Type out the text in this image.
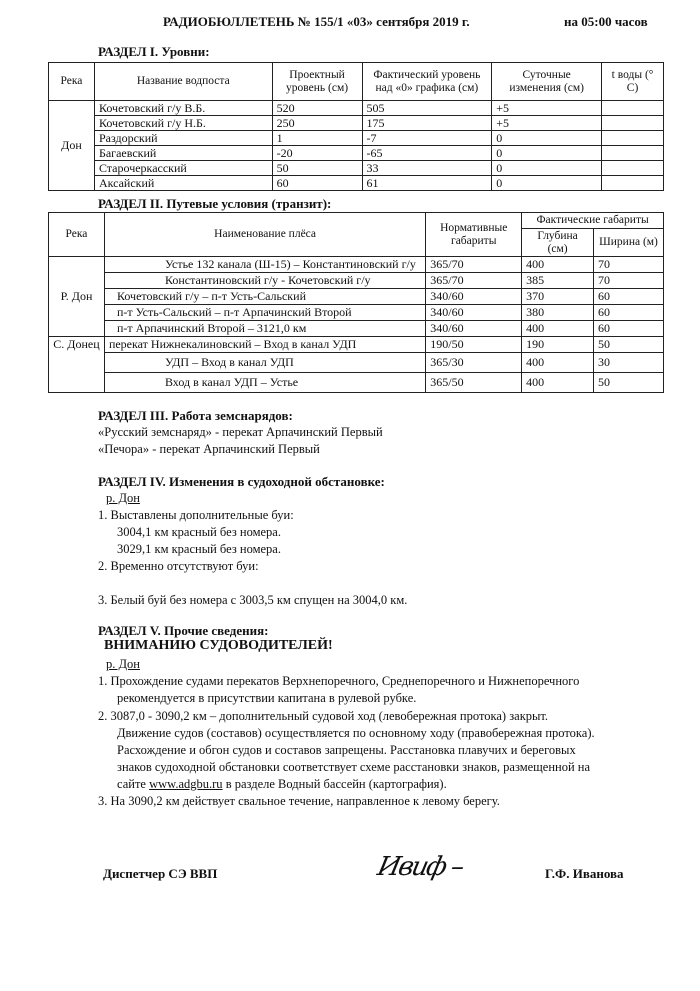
РАДИОБЮЛЛЕТЕНЬ № 155/1 «03» сентября 2019 г.	на 05:00 часов
РАЗДЕЛ I. Уровни:
Река	Название водпоста	Проектный уровень (см)	Фактический уровень над «0» графика (см)	Суточные изменения (см)	t воды (° С)
Дон	Кочетовский г/у В.Б.	520	505	+5	
	Кочетовский г/у Н.Б.	250	175	+5	
	Раздорский	1	-7	0	
	Багаевский	-20	-65	0	
	Старочеркасский	50	33	0	
	Аксайский	60	61	0	
РАЗДЕЛ II. Путевые условия (транзит):
Река	Наименование плёса	Нормативные габариты	Фактические габариты	
			Глубина (см)	Ширина (м)
Р. Дон	Устье 132 канала (Ш-15) – Константиновский г/у	365/70	400	70
	Константиновский г/у - Кочетовский г/у	365/70	385	70
	Кочетовский г/у – п-т Усть-Сальский	340/60	370	60
	п-т Усть-Сальский – п-т Арпачинский Второй	340/60	380	60
	п-т Арпачинский Второй – 3121,0 км	340/60	400	60
С. Донец	перекат Нижнекалиновский – Вход в канал УДП	190/50	190	50
	УДП – Вход в канал УДП	365/30	400	30
	Вход в канал УДП – Устье	365/50	400	50
РАЗДЕЛ III. Работа земснарядов:
«Русский земснаряд» - перекат Арпачинский Первый
«Печора» - перекат Арпачинский Первый
РАЗДЕЛ IV. Изменения в судоходной обстановке:
р. Дон
1. Выставлены дополнительные буи:
3004,1 км красный без номера.
3029,1 км красный без номера.
2. Временно отсутствуют буи:
3. Белый буй без номера с 3003,5 км спущен на 3004,0 км.
РАЗДЕЛ V. Прочие сведения:
ВНИМАНИЮ СУДОВОДИТЕЛЕЙ!
р. Дон
1. Прохождение судами перекатов Верхнепоречного, Среднепоречного и Нижнепоречного
рекомендуется в присутствии капитана в рулевой рубке.
2. 3087,0 - 3090,2 км – дополнительный судовой ход (левобережная протока) закрыт.
Движение судов (составов) осуществляется по основному ходу (правобережная протока).
Расхождение и обгон судов и составов запрещены. Расстановка плавучих и береговых
знаков судоходной обстановки соответствует схеме расстановки знаков, размещенной на
сайте www.adgbu.ru в разделе Водный бассейн (картография).
3. На 3090,2 км действует свальное течение, направленное к левому берегу.
Диспетчер СЭ ВВП	Ивиф –	Г.Ф. Иванова
